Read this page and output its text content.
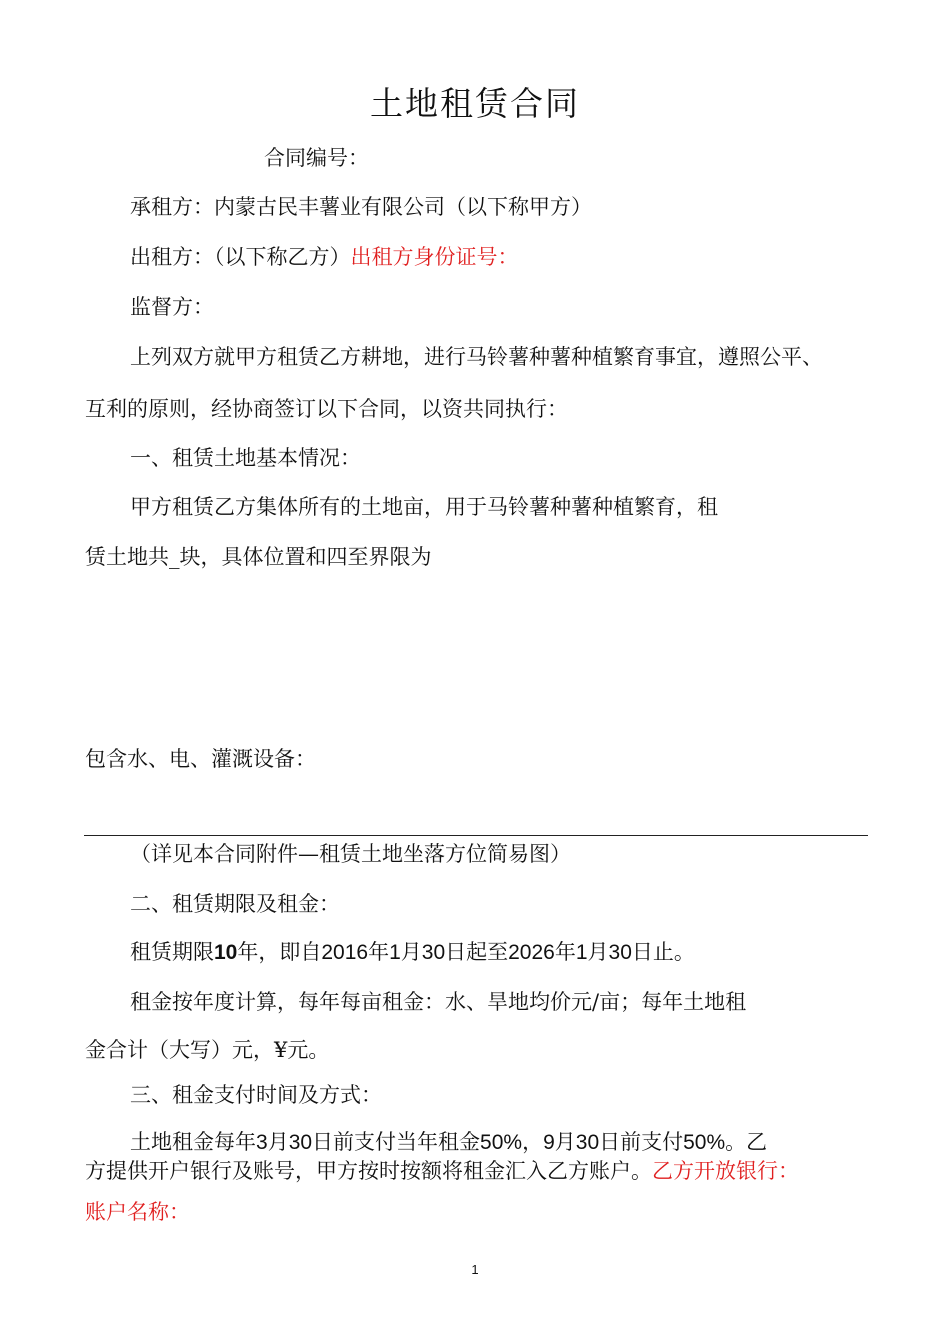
土地租赁合同
合同编号：
承租方：内蒙古民丰薯业有限公司（以下称甲方）
出租方：（以下称乙方）出租方身份证号：
监督方：
上列双方就甲方租赁乙方耕地，进行马铃薯种薯种植繁育事宜，遵照公平、
互利的原则，经协商签订以下合同，以资共同执行：
一、租赁土地基本情况：
甲方租赁乙方集体所有的土地亩，用于马铃薯种薯种植繁育，租
赁土地共_块，具体位置和四至界限为
包含水、电、灌溉设备：
（详见本合同附件—租赁土地坐落方位简易图）
二、租赁期限及租金：
租赁期限10年，即自2016年1月30日起至2026年1月30日止。
租金按年度计算，每年每亩租金：水、旱地均价元/亩；每年土地租
金合计（大写）元，¥元。
三、租金支付时间及方式：
土地租金每年3月30日前支付当年租金50%，9月30日前支付50%。乙
方提供开户银行及账号，甲方按时按额将租金汇入乙方账户。乙方开放银行：
账户名称：
1
